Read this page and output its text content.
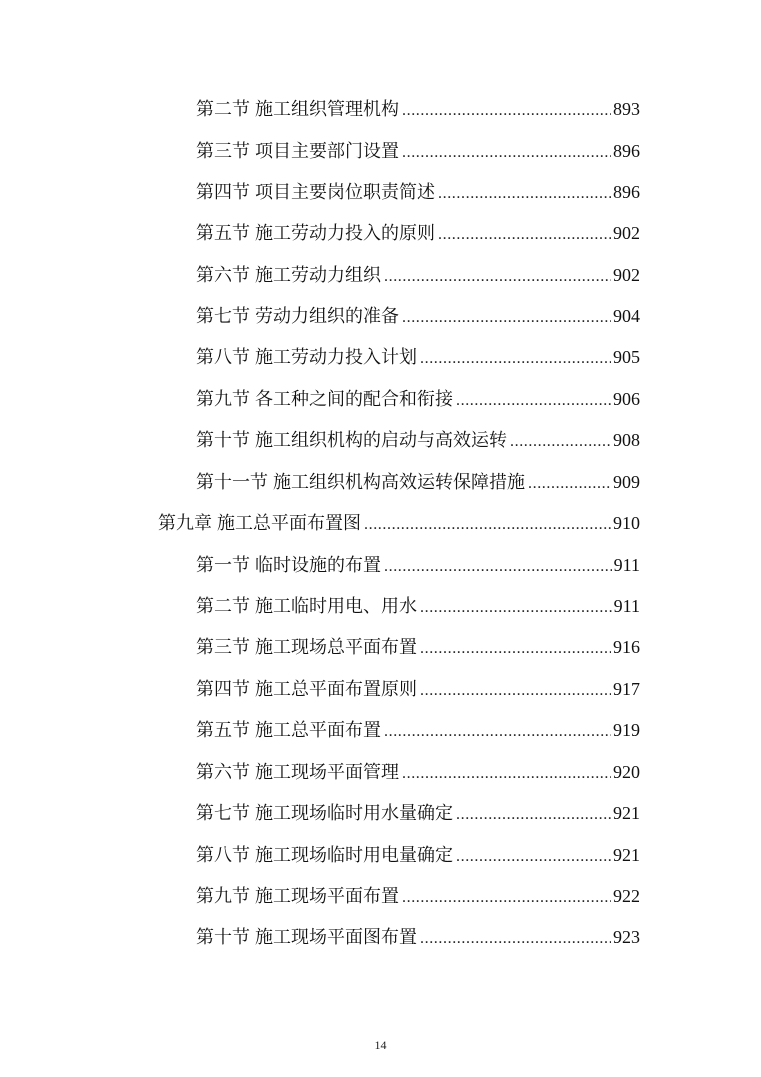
第二节 施工组织管理机构 .....	893
第三节 项目主要部门设置 .....	896
第四节 项目主要岗位职责简述 .....	896
第五节 施工劳动力投入的原则 .....	902
第六节 施工劳动力组织 .....	902
第七节 劳动力组织的准备 .....	904
第八节 施工劳动力投入计划 .....	905
第九节 各工种之间的配合和衔接 .....	906
第十节 施工组织机构的启动与高效运转 .....	908
第十一节 施工组织机构高效运转保障措施 .....	909
第九章 施工总平面布置图 .....	910
第一节 临时设施的布置 .....	911
第二节 施工临时用电、用水 .....	911
第三节 施工现场总平面布置 .....	916
第四节 施工总平面布置原则 .....	917
第五节 施工总平面布置 .....	919
第六节 施工现场平面管理 .....	920
第七节 施工现场临时用水量确定 .....	921
第八节 施工现场临时用电量确定 .....	921
第九节 施工现场平面布置 .....	922
第十节 施工现场平面图布置 .....	923
14
